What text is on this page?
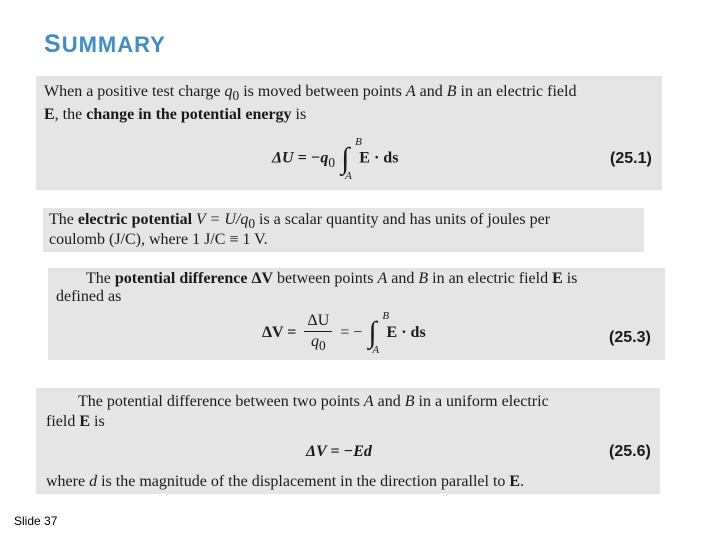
SUMMARY
When a positive test charge $q_0$ is moved between points A and B in an electric field
E, the change in the potential energy is
$\Delta U = -q_0$ ∫ B
A
E · ds	(25.1)
The electric potential $V = U/q_0$ is a scalar quantity and has units of joules per
coulomb (J/C), where 1 J/C ≡ 1 V.
The potential difference ΔV between points A and B in an electric field E is
defined as
$\Delta V = \frac{\Delta U}{q_0}$ = − ∫ B
A
E · ds	(25.3)
The potential difference between two points A and B in a uniform electric
field E is
ΔV = −Ed	(25.6)
where d is the magnitude of the displacement in the direction parallel to E.
Slide 37
